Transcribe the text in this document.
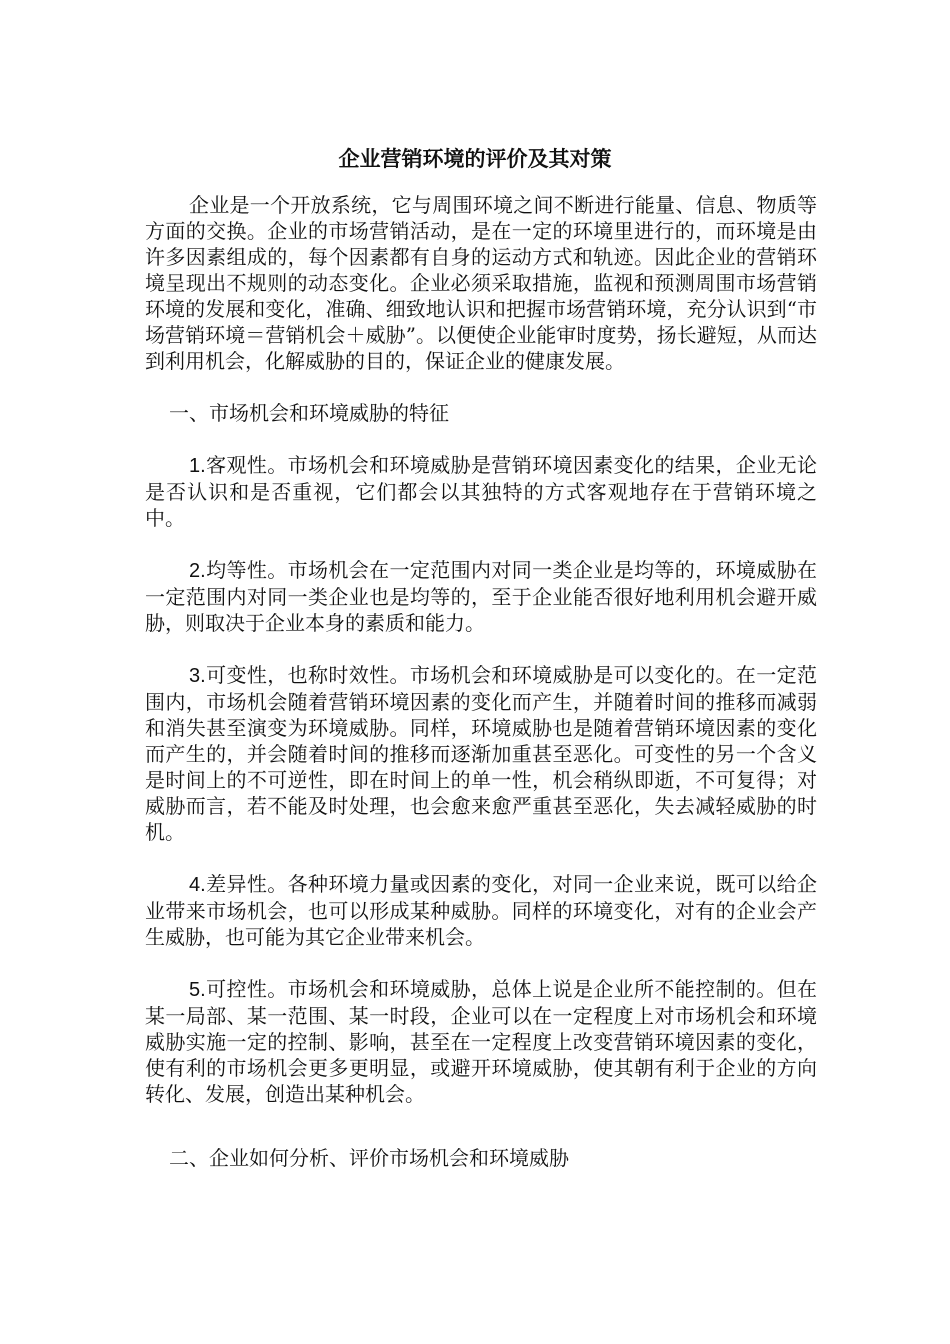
企业营销环境的评价及其对策

企业是一个开放系统，它与周围环境之间不断进行能量、信息、物质等方面的交换。企业的市场营销活动，是在一定的环境里进行的，而环境是由许多因素组成的，每个因素都有自身的运动方式和轨迹。因此企业的营销环境呈现出不规则的动态变化。企业必须采取措施，监视和预测周围市场营销环境的发展和变化，准确、细致地认识和把握市场营销环境，充分认识到“市场营销环境＝营销机会＋威胁”。以便使企业能审时度势，扬长避短，从而达到利用机会，化解威胁的目的，保证企业的健康发展。

一、市场机会和环境威胁的特征

1.客观性。市场机会和环境威胁是营销环境因素变化的结果，企业无论是否认识和是否重视，它们都会以其独特的方式客观地存在于营销环境之中。

2.均等性。市场机会在一定范围内对同一类企业是均等的，环境威胁在一定范围内对同一类企业也是均等的，至于企业能否很好地利用机会避开威胁，则取决于企业本身的素质和能力。

3.可变性，也称时效性。市场机会和环境威胁是可以变化的。在一定范围内，市场机会随着营销环境因素的变化而产生，并随着时间的推移而减弱和消失甚至演变为环境威胁。同样，环境威胁也是随着营销环境因素的变化而产生的，并会随着时间的推移而逐渐加重甚至恶化。可变性的另一个含义是时间上的不可逆性，即在时间上的单一性，机会稍纵即逝，不可复得；对威胁而言，若不能及时处理，也会愈来愈严重甚至恶化，失去减轻威胁的时机。

4.差异性。各种环境力量或因素的变化，对同一企业来说，既可以给企业带来市场机会，也可以形成某种威胁。同样的环境变化，对有的企业会产生威胁，也可能为其它企业带来机会。

5.可控性。市场机会和环境威胁，总体上说是企业所不能控制的。但在某一局部、某一范围、某一时段，企业可以在一定程度上对市场机会和环境威胁实施一定的控制、影响，甚至在一定程度上改变营销环境因素的变化，使有利的市场机会更多更明显，或避开环境威胁，使其朝有利于企业的方向转化、发展，创造出某种机会。

二、企业如何分析、评价市场机会和环境威胁
